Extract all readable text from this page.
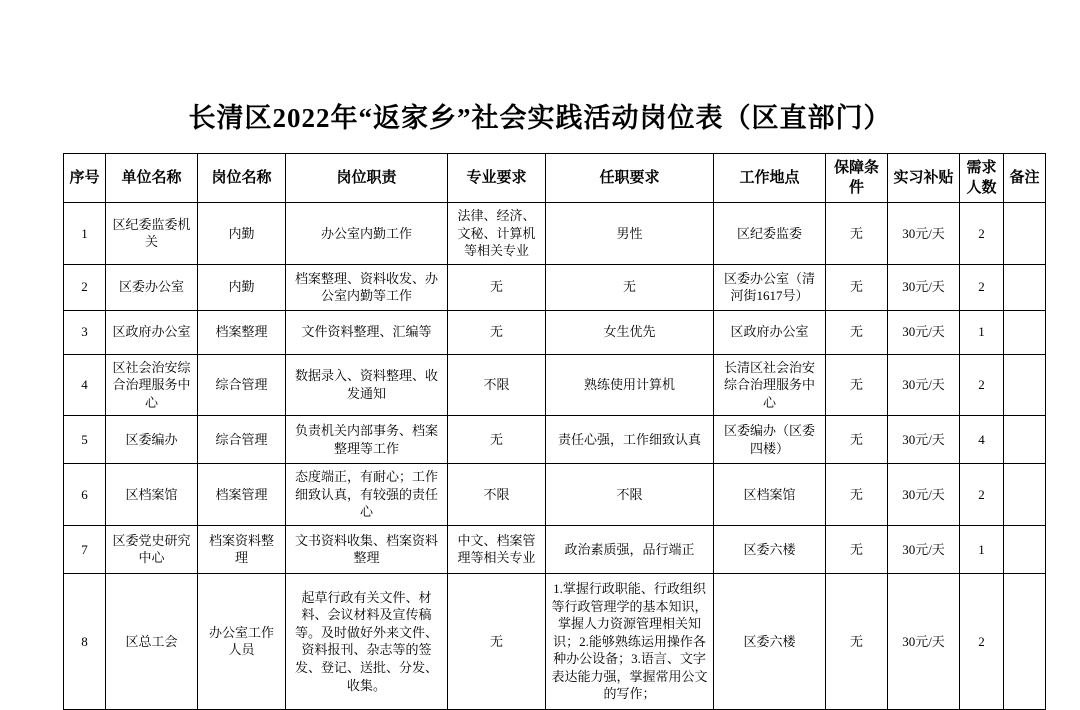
长清区2022年“返家乡”社会实践活动岗位表（区直部门）
序号	单位名称	岗位名称	岗位职责	专业要求	任职要求	工作地点	保障条件	实习补贴	需求人数	备注
1	区纪委监委机关	内勤	办公室内勤工作	法律、经济、文秘、计算机等相关专业	男性	区纪委监委	无	30元/天	2	
2	区委办公室	内勤	档案整理、资料收发、办公室内勤等工作	无	无	区委办公室（清河街1617号）	无	30元/天	2	
3	区政府办公室	档案整理	文件资料整理、汇编等	无	女生优先	区政府办公室	无	30元/天	1	
4	区社会治安综合治理服务中心	综合管理	数据录入、资料整理、收发通知	不限	熟练使用计算机	长清区社会治安综合治理服务中心	无	30元/天	2	
5	区委编办	综合管理	负责机关内部事务、档案整理等工作	无	责任心强，工作细致认真	区委编办（区委四楼）	无	30元/天	4	
6	区档案馆	档案管理	态度端正，有耐心；工作细致认真，有较强的责任心	不限	不限	区档案馆	无	30元/天	2	
7	区委党史研究中心	档案资料整理	文书资料收集、档案资料整理	中文、档案管理等相关专业	政治素质强，品行端正	区委六楼	无	30元/天	1	
8	区总工会	办公室工作人员	起草行政有关文件、材料、会议材料及宣传稿等。及时做好外来文件、资料报刊、杂志等的签发、登记、送批、分发、收集。	无	1.掌握行政职能、行政组织等行政管理学的基本知识，掌握人力资源管理相关知识；2.能够熟练运用操作各种办公设备；3.语言、文字表达能力强，掌握常用公文的写作；	区委六楼	无	30元/天	2	
